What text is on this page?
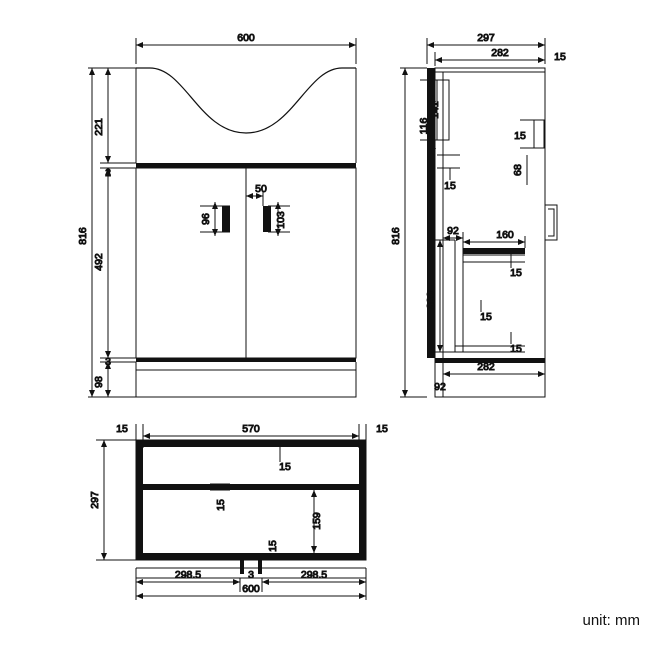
600
816
221
2
492
3
98
96
50
103
297
282	15
816
141
116
15
15
68
92	160
15
300
15
15
282
92
570
15	15
297
15
15
159
15
298.5	3	298.5
600
unit: mm
